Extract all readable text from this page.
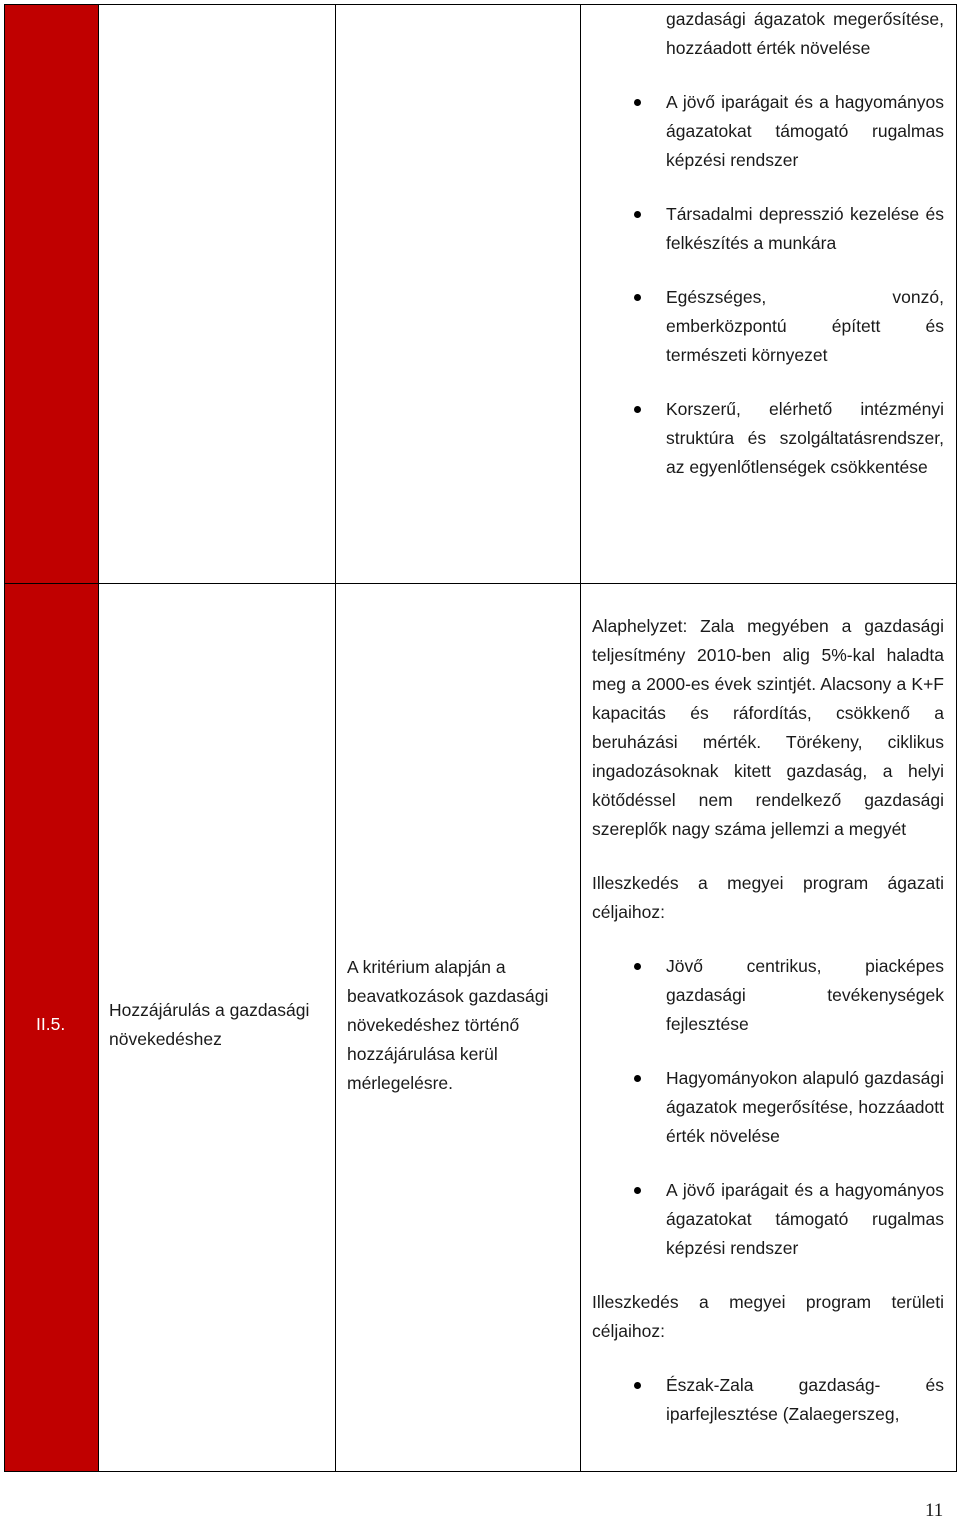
gazdasági ágazatok megerősítése, hozzáadott érték növelése

A jövő iparágait és a hagyományos ágazatokat támogató rugalmas képzési rendszer
Társadalmi depresszió kezelése és felkészítés a munkára
Egészséges, vonzó, emberközpontú épített és természeti környezet
Korszerű, elérhető intézményi struktúra és szolgáltatásrendszer, az egyenlőtlenségek csökkentése
II.5.
Hozzájárulás a gazdasági növekedéshez
A kritérium alapján a beavatkozások gazdasági növekedéshez történő hozzájárulása kerül mérlegelésre.

Alaphelyzet: Zala megyében a gazdasági teljesítmény 2010-ben alig 5%-kal haladta meg a 2000-es évek szintjét. Alacsony a K+F kapacitás és ráfordítás, csökkenő a beruházási mérték. Törékeny, ciklikus ingadozásoknak kitett gazdaság, a helyi kötődéssel nem rendelkező gazdasági szereplők nagy száma jellemzi a megyét

Illeszkedés a megyei program ágazati céljaihoz:

Jövő centrikus, piacképes gazdasági tevékenységek fejlesztése
Hagyományokon alapuló gazdasági ágazatok megerősítése, hozzáadott érték növelése
A jövő iparágait és a hagyományos ágazatokat támogató rugalmas képzési rendszer

Illeszkedés a megyei program területi céljaihoz:

Észak-Zala gazdaság- és iparfejlesztése (Zalaegerszeg,
11
